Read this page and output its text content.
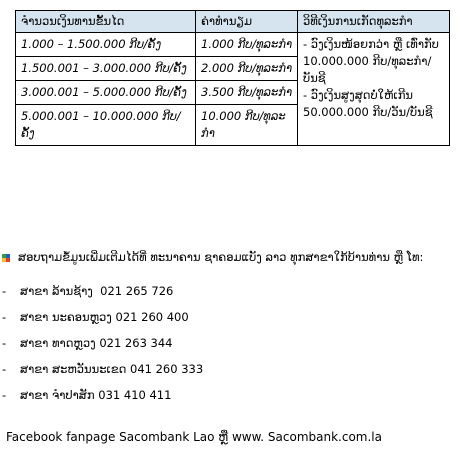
ຈຳນວນເງິນທານຂັ້ນໄດ	ຄ່າທຳນຽມ	ວິທີເງິນການເກັດທຸລະກຳ
1.000 – 1.500.000 ກີບ/ຄັ້ງ	1.000 ກີບ/ທຸລະກຳ	- ວົງເງິນໜ້ອຍກວ່າ ຫຼື ເທົ່າກັບ 10.000.000 ກີບ/ທຸລະກຳ/ບັນຊີ
- ວົງເງິນສູງສຸດບໍ່ໃຫ້ເກີນ 50.000.000 ກີບ/ວັນ/ບັນຊີ

1.500.001 – 3.000.000 ກີບ/ຄັ້ງ	2.000 ກີບ/ທຸລະກຳ	
3.000.001 – 5.000.000 ກີບ/ຄັ້ງ	3.500 ກີບ/ທຸລະກຳ	
5.000.001 – 10.000.000 ກີບ/ຄັ້ງ	10.000 ກີບ/ທຸລະກຳ	
ສອບຖາມຂໍ້ມູນເພີ່ມເຕີມໄດ້ທີ່ ທະນາຄານ ຊາຄອມແບັງ ລາວ ທຸກສາຂາໃກ້ບ້ານທ່ານ ຫຼື ໂທ:
-	ສາຂາ ລ້ານຊ້າງ
021 265 726
-	ສາຂາ ນະຄອນຫຼວງ
021 260 400
-	ສາຂາ ທາດຫຼວງ
021 263 344
-	ສາຂາ ສະຫວັນນະເຂດ
041 260 333
-	ສາຂາ ຈຳປາສັກ
031 410 411
Facebook fanpage Sacombank Lao ຫຼື www. Sacombank.com.la
